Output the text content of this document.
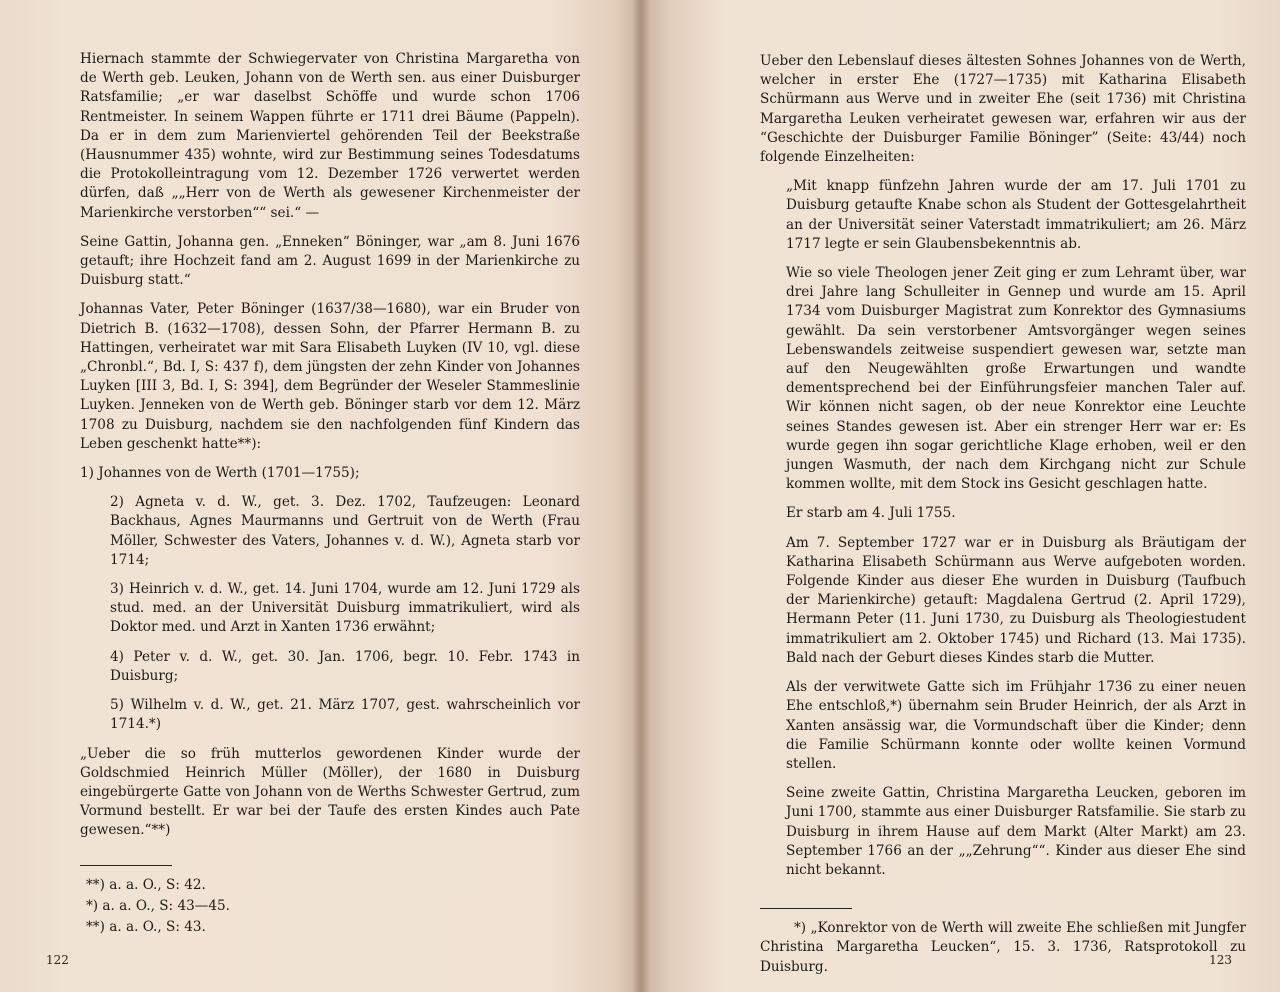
Hiernach stammte der Schwiegervater von Christina Margaretha von de Werth geb. Leuken, Johann von de Werth sen. aus einer Duisburger Ratsfamilie; „er war daselbst Schöffe und wurde schon 1706 Rentmeister. In seinem Wappen führte er 1711 drei Bäume (Pappeln). Da er in dem zum Marienviertel gehörenden Teil der Beekstraße (Hausnummer 435) wohnte, wird zur Bestimmung seines Todesdatums die Protokolleintragung vom 12. Dezember 1726 verwertet werden dürfen, daß „„Herr von de Werth als gewesener Kirchenmeister der Marienkirche verstorben““ sei.“ —

Seine Gattin, Johanna gen. „Enneken“ Böninger, war „am 8. Juni 1676 getauft; ihre Hochzeit fand am 2. August 1699 in der Marienkirche zu Duisburg statt.“

Johannas Vater, Peter Böninger (1637/38—1680), war ein Bruder von Dietrich B. (1632—1708), dessen Sohn, der Pfarrer Hermann B. zu Hattingen, verheiratet war mit Sara Elisabeth Luyken (IV 10, vgl. diese „Chronbl.“, Bd. I, S: 437 f), dem jüngsten der zehn Kinder von Johannes Luyken [III 3, Bd. I, S: 394], dem Begründer der Weseler Stammeslinie Luyken. Jenneken von de Werth geb. Böninger starb vor dem 12. März 1708 zu Duisburg, nachdem sie den nachfolgenden fünf Kindern das Leben geschenkt hatte**):

1) Johannes von de Werth (1701—1755);

2) Agneta v. d. W., get. 3. Dez. 1702, Taufzeugen: Leonard Backhaus, Agnes Maurmanns und Gertruit von de Werth (Frau Möller, Schwester des Vaters, Johannes v. d. W.), Agneta starb vor 1714;

3) Heinrich v. d. W., get. 14. Juni 1704, wurde am 12. Juni 1729 als stud. med. an der Universität Duisburg immatrikuliert, wird als Doktor med. und Arzt in Xanten 1736 erwähnt;

4) Peter v. d. W., get. 30. Jan. 1706, begr. 10. Febr. 1743 in Duisburg;

5) Wilhelm v. d. W., get. 21. März 1707, gest. wahrscheinlich vor 1714.*)

„Ueber die so früh mutterlos gewordenen Kinder wurde der Goldschmied Heinrich Müller (Möller), der 1680 in Duisburg eingebürgerte Gatte von Johann von de Werths Schwester Gertrud, zum Vormund bestellt. Er war bei der Taufe des ersten Kindes auch Pate gewesen.“**)

**) a. a. O., S: 42.

*) a. a. O., S: 43—45.

**) a. a. O., S: 43.

122

Ueber den Lebenslauf dieses ältesten Sohnes Johannes von de Werth, welcher in erster Ehe (1727—1735) mit Katharina Elisabeth Schürmann aus Werve und in zweiter Ehe (seit 1736) mit Christina Margaretha Leuken verheiratet gewesen war, erfahren wir aus der “Geschichte der Duisburger Familie Böninger” (Seite: 43/44) noch folgende Einzelheiten:

„Mit knapp fünfzehn Jahren wurde der am 17. Juli 1701 zu Duisburg getaufte Knabe schon als Student der Gottesgelahrtheit an der Universität seiner Vaterstadt immatrikuliert; am 26. März 1717 legte er sein Glaubensbekenntnis ab.

Wie so viele Theologen jener Zeit ging er zum Lehramt über, war drei Jahre lang Schulleiter in Gennep und wurde am 15. April 1734 vom Duisburger Magistrat zum Konrektor des Gymnasiums gewählt. Da sein verstorbener Amtsvorgänger wegen seines Lebenswandels zeitweise suspendiert gewesen war, setzte man auf den Neugewählten große Erwartungen und wandte dementsprechend bei der Einführungsfeier manchen Taler auf. Wir können nicht sagen, ob der neue Konrektor eine Leuchte seines Standes gewesen ist. Aber ein strenger Herr war er: Es wurde gegen ihn sogar gerichtliche Klage erhoben, weil er den jungen Wasmuth, der nach dem Kirchgang nicht zur Schule kommen wollte, mit dem Stock ins Gesicht geschlagen hatte.

Er starb am 4. Juli 1755.

Am 7. September 1727 war er in Duisburg als Bräutigam der Katharina Elisabeth Schürmann aus Werve aufgeboten worden. Folgende Kinder aus dieser Ehe wurden in Duisburg (Taufbuch der Marienkirche) getauft: Magdalena Gertrud (2. April 1729), Hermann Peter (11. Juni 1730, zu Duisburg als Theologiestudent immatrikuliert am 2. Oktober 1745) und Richard (13. Mai 1735). Bald nach der Geburt dieses Kindes starb die Mutter.

Als der verwitwete Gatte sich im Frühjahr 1736 zu einer neuen Ehe entschloß,*) übernahm sein Bruder Heinrich, der als Arzt in Xanten ansässig war, die Vormundschaft über die Kinder; denn die Familie Schürmann konnte oder wollte keinen Vormund stellen.

Seine zweite Gattin, Christina Margaretha Leucken, geboren im Juni 1700, stammte aus einer Duisburger Ratsfamilie. Sie starb zu Duisburg in ihrem Hause auf dem Markt (Alter Markt) am 23. September 1766 an der „„Zehrung““. Kinder aus dieser Ehe sind nicht bekannt.

*) „Konrektor von de Werth will zweite Ehe schließen mit Jungfer Christina Margaretha Leucken“, 15. 3. 1736, Ratsprotokoll zu Duisburg.	123
